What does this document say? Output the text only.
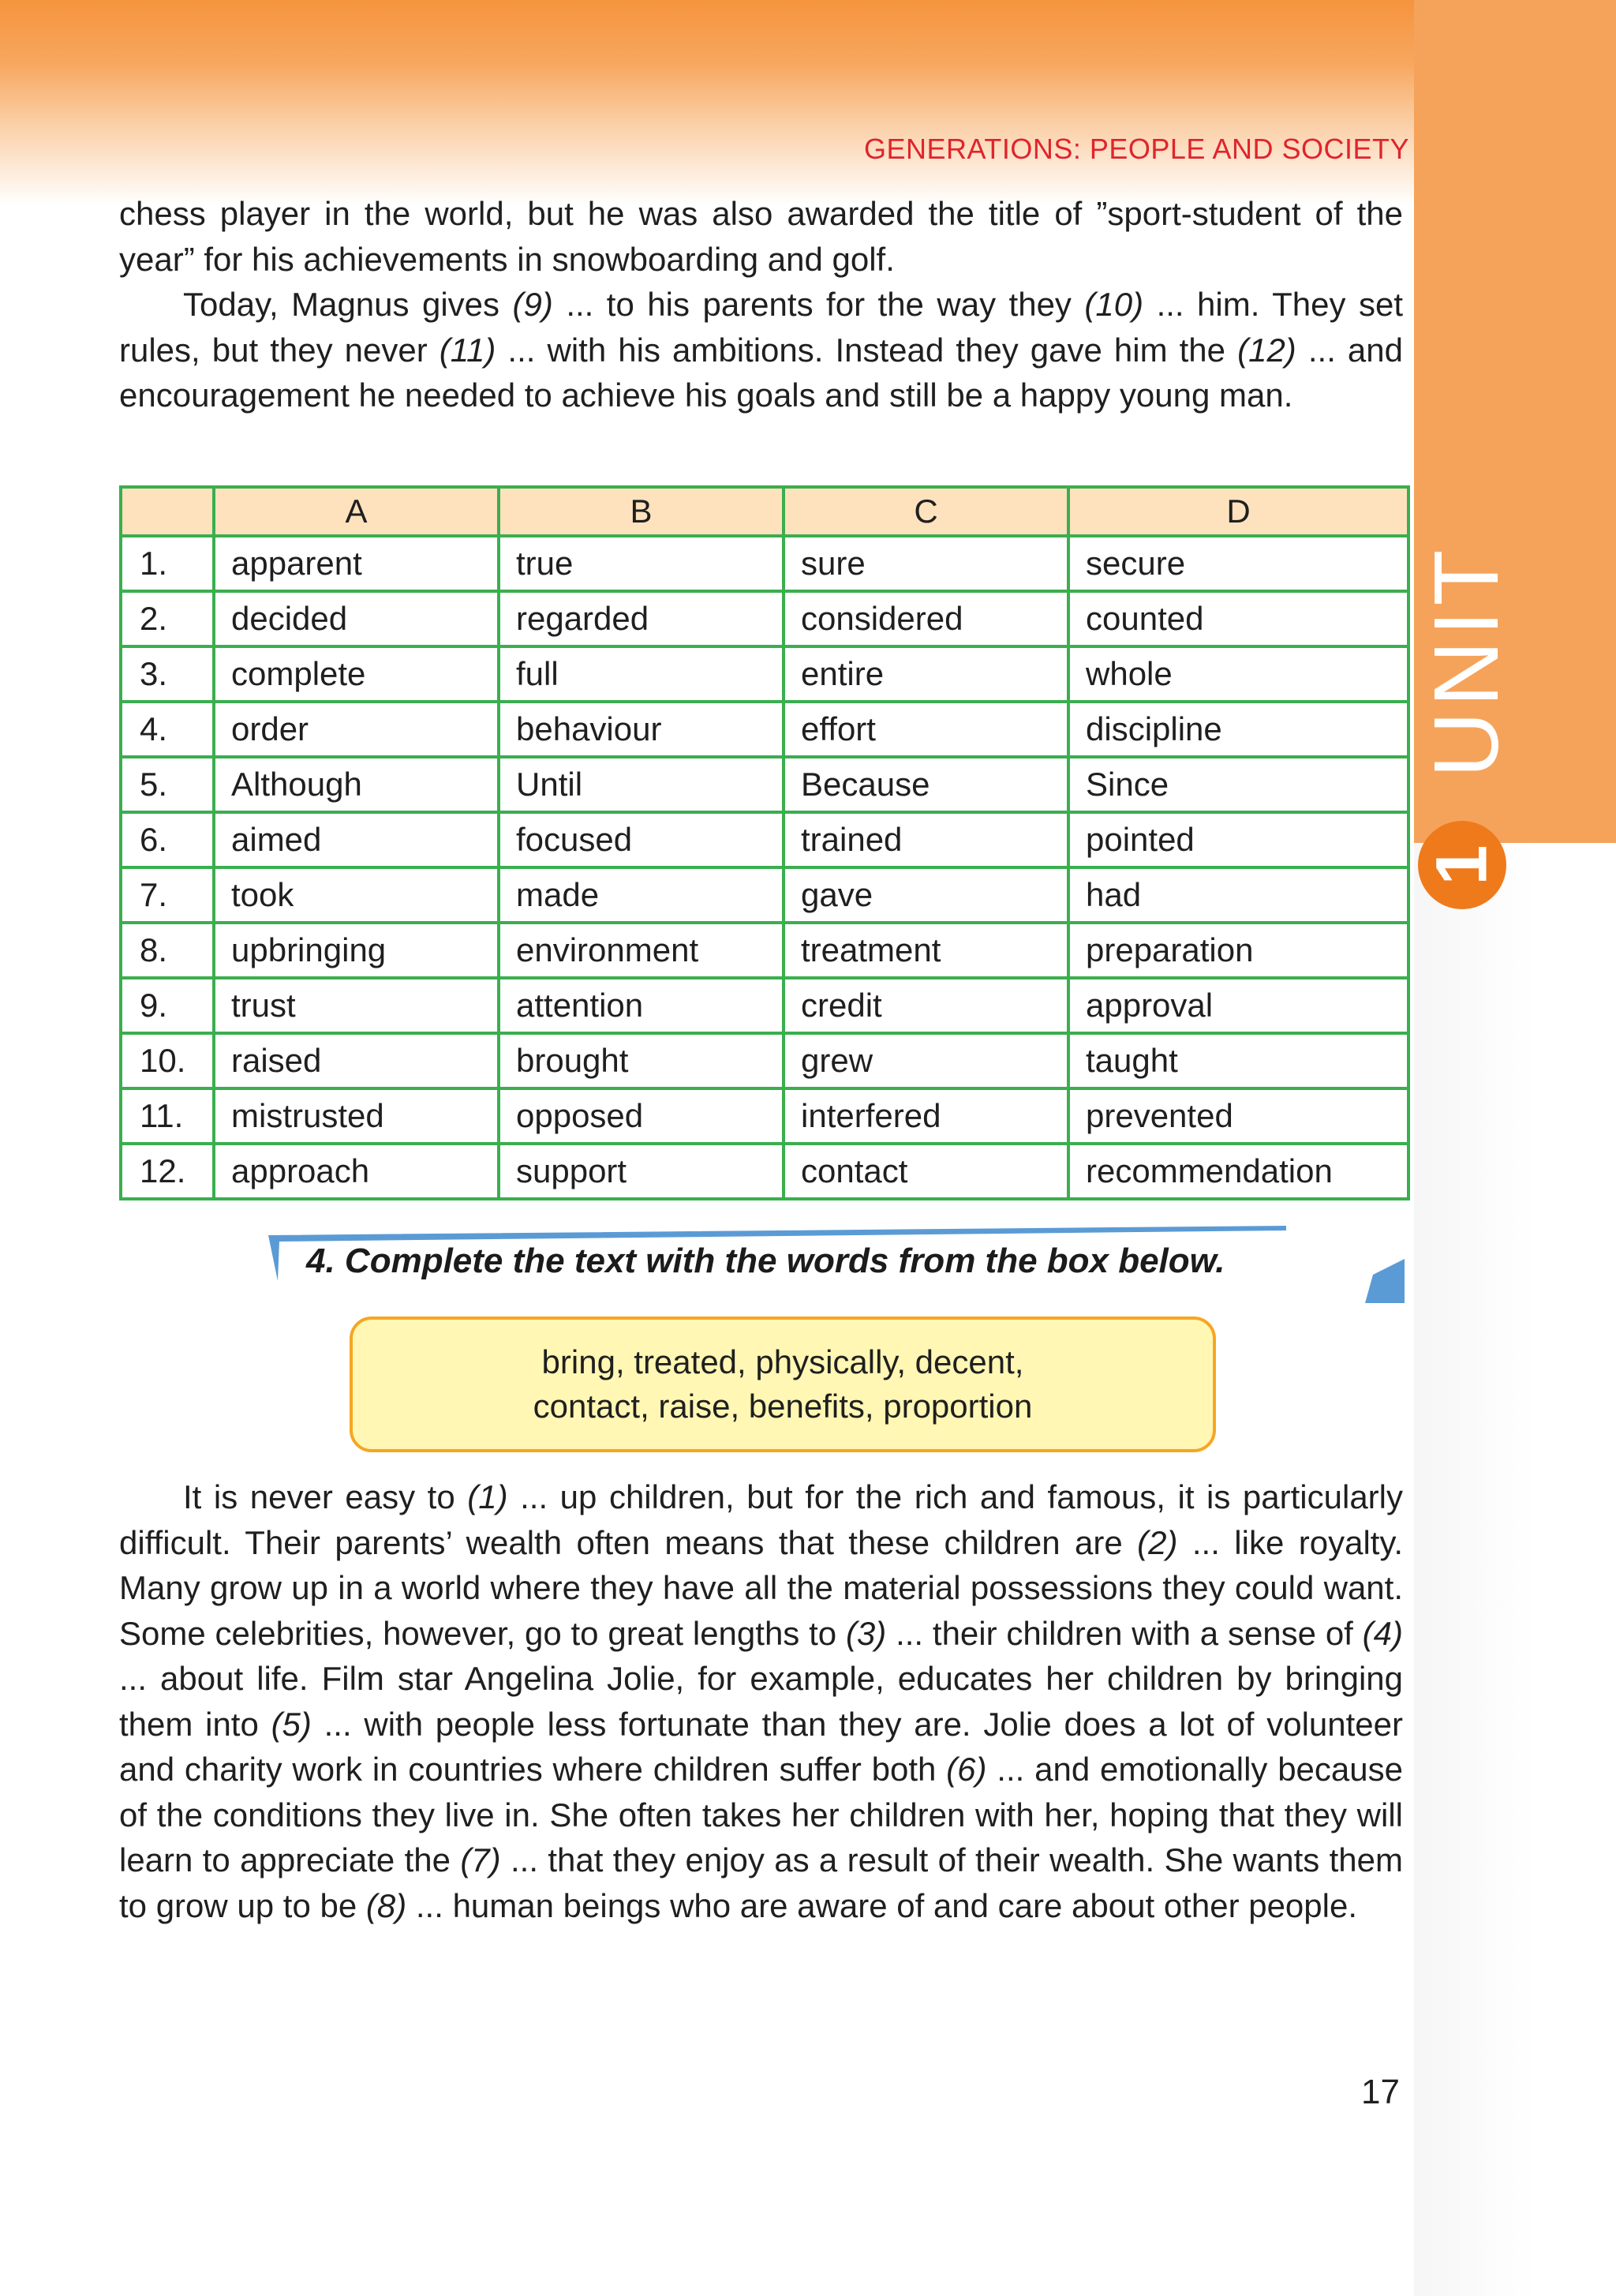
GENERATIONS: PEOPLE AND SOCIETY
UNIT
1

chess player in the world, but he was also awarded the title of ”sport-student of the year” for his achievements in snowboarding and golf.

Today, Magnus gives (9) ... to his parents for the way they (10) ... him. They set rules, but they never (11) ... with his ambitions. Instead they gave him the (12) ... and encouragement he needed to achieve his goals and still be a happy young man.

	A	B	C	D
1.	apparent	true	sure	secure
2.	decided	regarded	considered	counted
3.	complete	full	entire	whole
4.	order	behaviour	effort	discipline
5.	Although	Until	Because	Since
6.	aimed	focused	trained	pointed
7.	took	made	gave	had
8.	upbringing	environment	treatment	preparation
9.	trust	attention	credit	approval
10.	raised	brought	grew	taught
11.	mistrusted	opposed	interfered	prevented
12.	approach	support	contact	recommendation
4. Complete the text with the words from the box below.
bring, treated, physically, decent,
contact, raise, benefits, proportion

It is never easy to (1) ... up children, but for the rich and famous, it is particularly difficult. Their parents’ wealth often means that these children are (2) ... like royalty. Many grow up in a world where they have all the material possessions they could want. Some celebrities, however, go to great lengths to (3) ... their children with a sense of (4) ... about life. Film star Angelina Jolie, for example, educates her children by bringing them into (5) ... with people less fortunate than they are. Jolie does a lot of volunteer and charity work in countries where children suffer both (6) ... and emotionally because of the conditions they live in. She often takes her children with her, hoping that they will learn to appreciate the (7) ... that they enjoy as a result of their wealth. She wants them to grow up to be (8) ... human beings who are aware of and care about other people.

17
